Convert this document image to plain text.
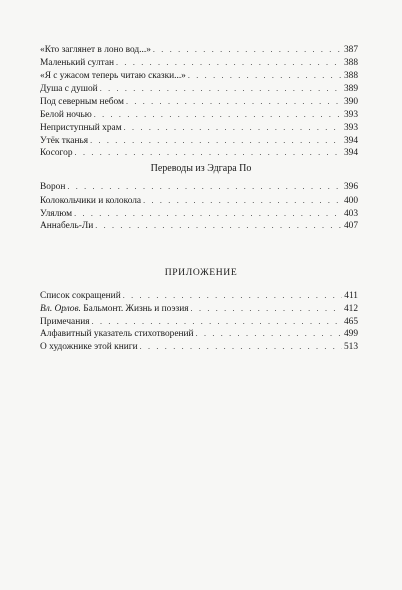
«Кто заглянет в лоно вод...» . . .	387
Маленький султан . . .	388
«Я с ужасом теперь читаю сказки...» . . .	388
Душа с душой . . .	389
Под северным небом . . .	390
Белой ночью . . .	393
Неприступный храм . . .	393
Утёк тканья . . .	394
Косогор . . .	394
Переводы из Эдгара По
Ворон . . .	396
Колокольчики и колокола . . .	400
Улялюм . . .	403
Аннабель-Ли . . .	407
ПРИЛОЖЕНИЕ
Список сокращений . . .	411
Вл. Орлов. Бальмонт. Жизнь и поэзия . . .	412
Примечания . . .	465
Алфавитный указатель стихотворений . . .	499
О художнике этой книги . . .	513
